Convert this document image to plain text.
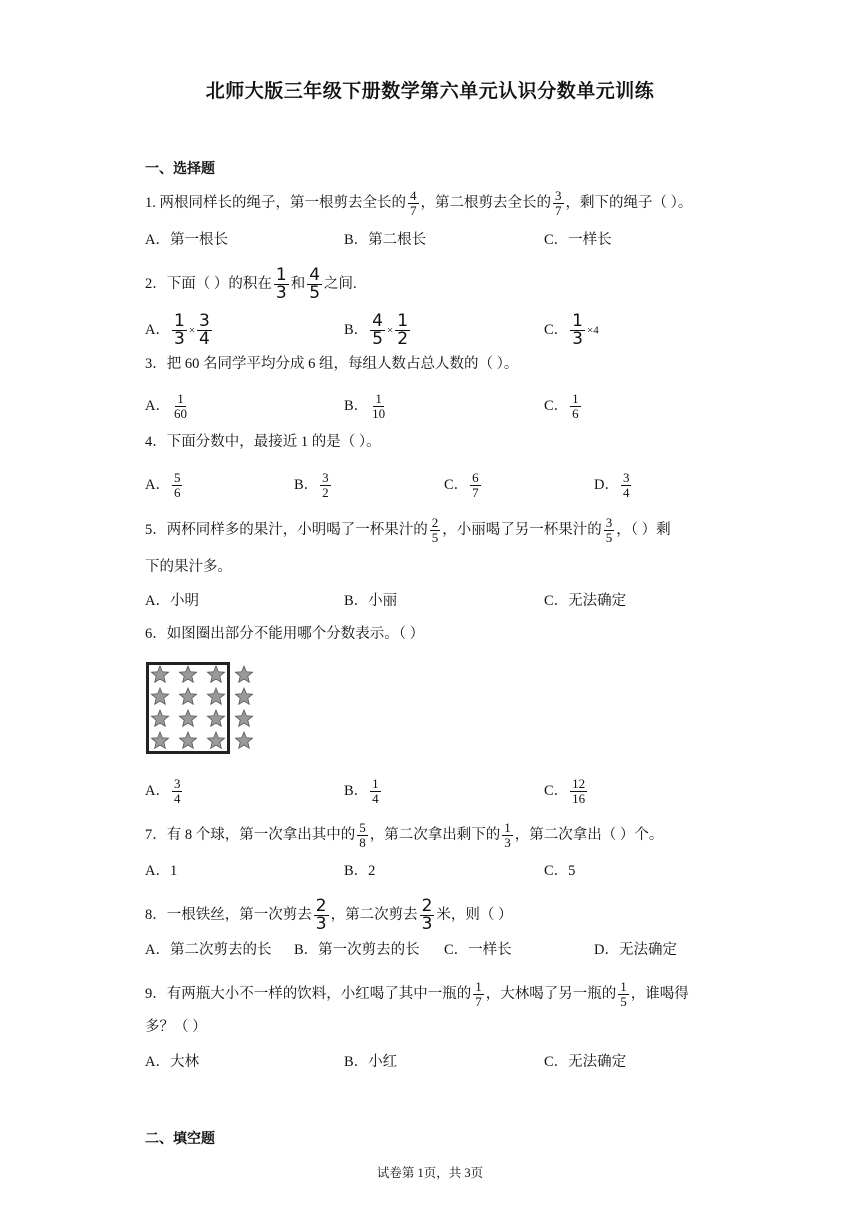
北师大版三年级下册数学第六单元认识分数单元训练
一、选择题
1. 两根同样长的绳子，第一根剪去全长的 $\frac{4}{7}$ ，第二根剪去全长的 $\frac{3}{7}$ ，剩下的绳子（ ）。
A．第一根长	B．第二根长	C．一样长
2．下面（ ）的积在 $\frac{1}{3}$ 和 $\frac{4}{5}$ 之间.
A． $\frac{1}{3} \times \frac{3}{4}$	B． $\frac{4}{5} \times \frac{1}{2}$	C． $\frac{1}{3} \times 4$
3．把 60 名同学平均分成 6 组，每组人数占总人数的（ ）。
A． $\frac{1}{60}$	B． $\frac{1}{10}$	C． $\frac{1}{6}$
4．下面分数中，最接近 1 的是（ ）。
A． $\frac{5}{6}$	B． $\frac{3}{2}$	C． $\frac{6}{7}$	D． $\frac{3}{4}$
5．两杯同样多的果汁，小明喝了一杯果汁的 $\frac{2}{5}$ ，小丽喝了另一杯果汁的 $\frac{3}{5}$ ，（ ）剩
下的果汁多。
A．小明	B．小丽	C．无法确定
6．如图圈出部分不能用哪个分数表示。（ ）
A． $\frac{3}{4}$	B． $\frac{1}{4}$	C． $\frac{12}{16}$
7．有 8 个球，第一次拿出其中的 $\frac{5}{8}$ ，第二次拿出剩下的 $\frac{1}{3}$ ，第二次拿出（ ）个。
A．1	B．2	C．5
8．一根铁丝，第一次剪去 $\frac{2}{3}$ ，第二次剪去 $\frac{2}{3}$ 米，则（ ）
A．第二次剪去的长 B．第一次剪去的长 C．一样长	D．无法确定
9．有两瓶大小不一样的饮料，小红喝了其中一瓶的 $\frac{1}{7}$ ，大林喝了另一瓶的 $\frac{1}{5}$ ，谁喝得
多？（ ）
A．大林	B．小红	C．无法确定
二、填空题
试卷第 1页，共 3页
